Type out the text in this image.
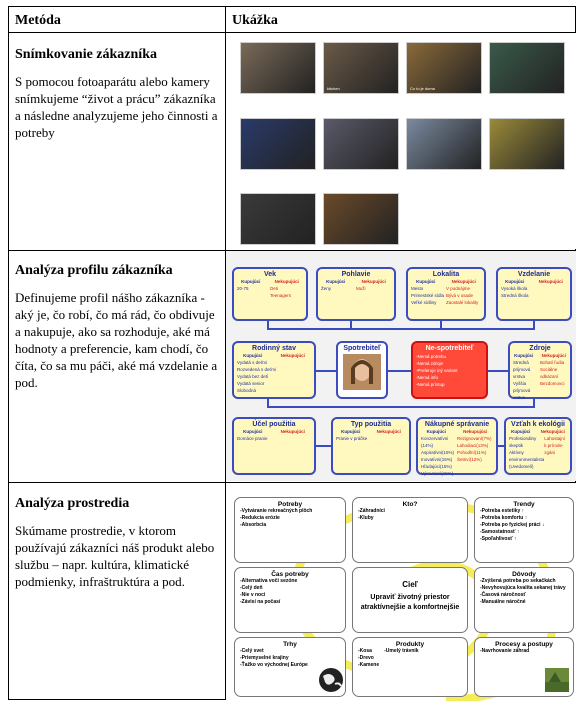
Metóda	Ukážka
Snímkovanie zákazníka
S pomocou fotoaparátu alebo kamery snímkujeme “život a prácu” zákazníka a následne analyzujeme jeho činnosti a potreby
Analýza profilu zákazníka
Definujeme profil nášho zákazníka - aký je, čo robí, čo má rád, čo obdivuje a nakupuje, ako sa rozhoduje, aké má hodnoty a preferencie, kam chodí, čo číta, čo sa mu páči, aké má vzdelanie a pod.
Analýza prostredia
Skúmame prostredie, v ktorom používajú zákazníci náš produkt alebo službu – napr. kultúra, klimatické podmienky, infraštruktúra a pod.
kitchen	Co to je doma
Vek
Kupujúci	Nekupujúci
20-75	Deti
Teenagers
Pohlavie
Kupujúci	Nekupujúci
Ženy	Muži
Lokalita
Kupujúci	Nekupujúci
Mesto
Primestské sídla
Veľké sídliny
V podnájme
Bývá v osade
Zaostalé lokality
Vzdelanie
Kupujúci	Nekupujúci
Vysoká škola
Stredná škola
Rodinný stav
Kupujúci	Nekupujúci
Vydatá s deťmi
Rozvedená s deťmi
Vydatá bez detí
Vydatá senior
Slobodná
Spotrebiteľ	Ne-spotrebiteľ
-Nemá potrebu
-Nemá zdroje
-Preferuje iný variant
-Nemá info
-Nemá prístup
Zdroje
Kupujúci Nekupujúci
Stredná príjmová vrstva
Vyššia príjmová vrstva
Bohatí ľudia
Sociálne odkázaní
Bezdomovci
Účel použitia
Kupujúci	Nekupujúci
Domáce pranie
Typ použitia
Kupujúci	Nekupujúci
Pranie v práčke
Nákupné správanie
Kupujúci	Nekupujúci
Konzervatívni (14%)
Aspiratívni(15%)
Inovatívni(15%)
Hľadajúci(15%)
Výrovnaní(15%)
Rezignovaní(7%)
Lahodiaci(13%)
Pohodlní(11%)
Šetriví(12%)
Vzťah k ekológii
Kupujúci Nekupujúci
Profesionálny skeptik
Aktívny environmentalista
(Uvedomelí)
Lahostajní k prírode-zgáni
Potreby
-Vytváranie rekreačných plôch
-Redukcia erózie
-Absorbcia
Kto?
-Záhradníci
-Kluby
Trendy
-Potreba estetiky ↑
-Potreba komfortu ↑
-Potreba po fyzickej práci ↓
-Samostatnosť ↑
-Spoľahlivosť ↑
Čas potreby
-Alternatíva voči sezóne
-Celý deň
-Nie v noci
-Závisí na počasí
Cieľ
Upraviť životný priestor atraktívnejšie a komfortnejšie
Dôvody
-Zvýšená potreba po sekačkách
-Nevyhovujúca kvalita sekanej trávy
-Časová náročnosť
-Manuálne náročné
Trhy
-Celý svet
-Priemyselné krajiny
-Ťažko vo východnej Európe
Produkty
-Kosa
-Drevo
-Kamene
-Umelý trávnik
Procesy a postupy
-Navrhovanie záhrad
